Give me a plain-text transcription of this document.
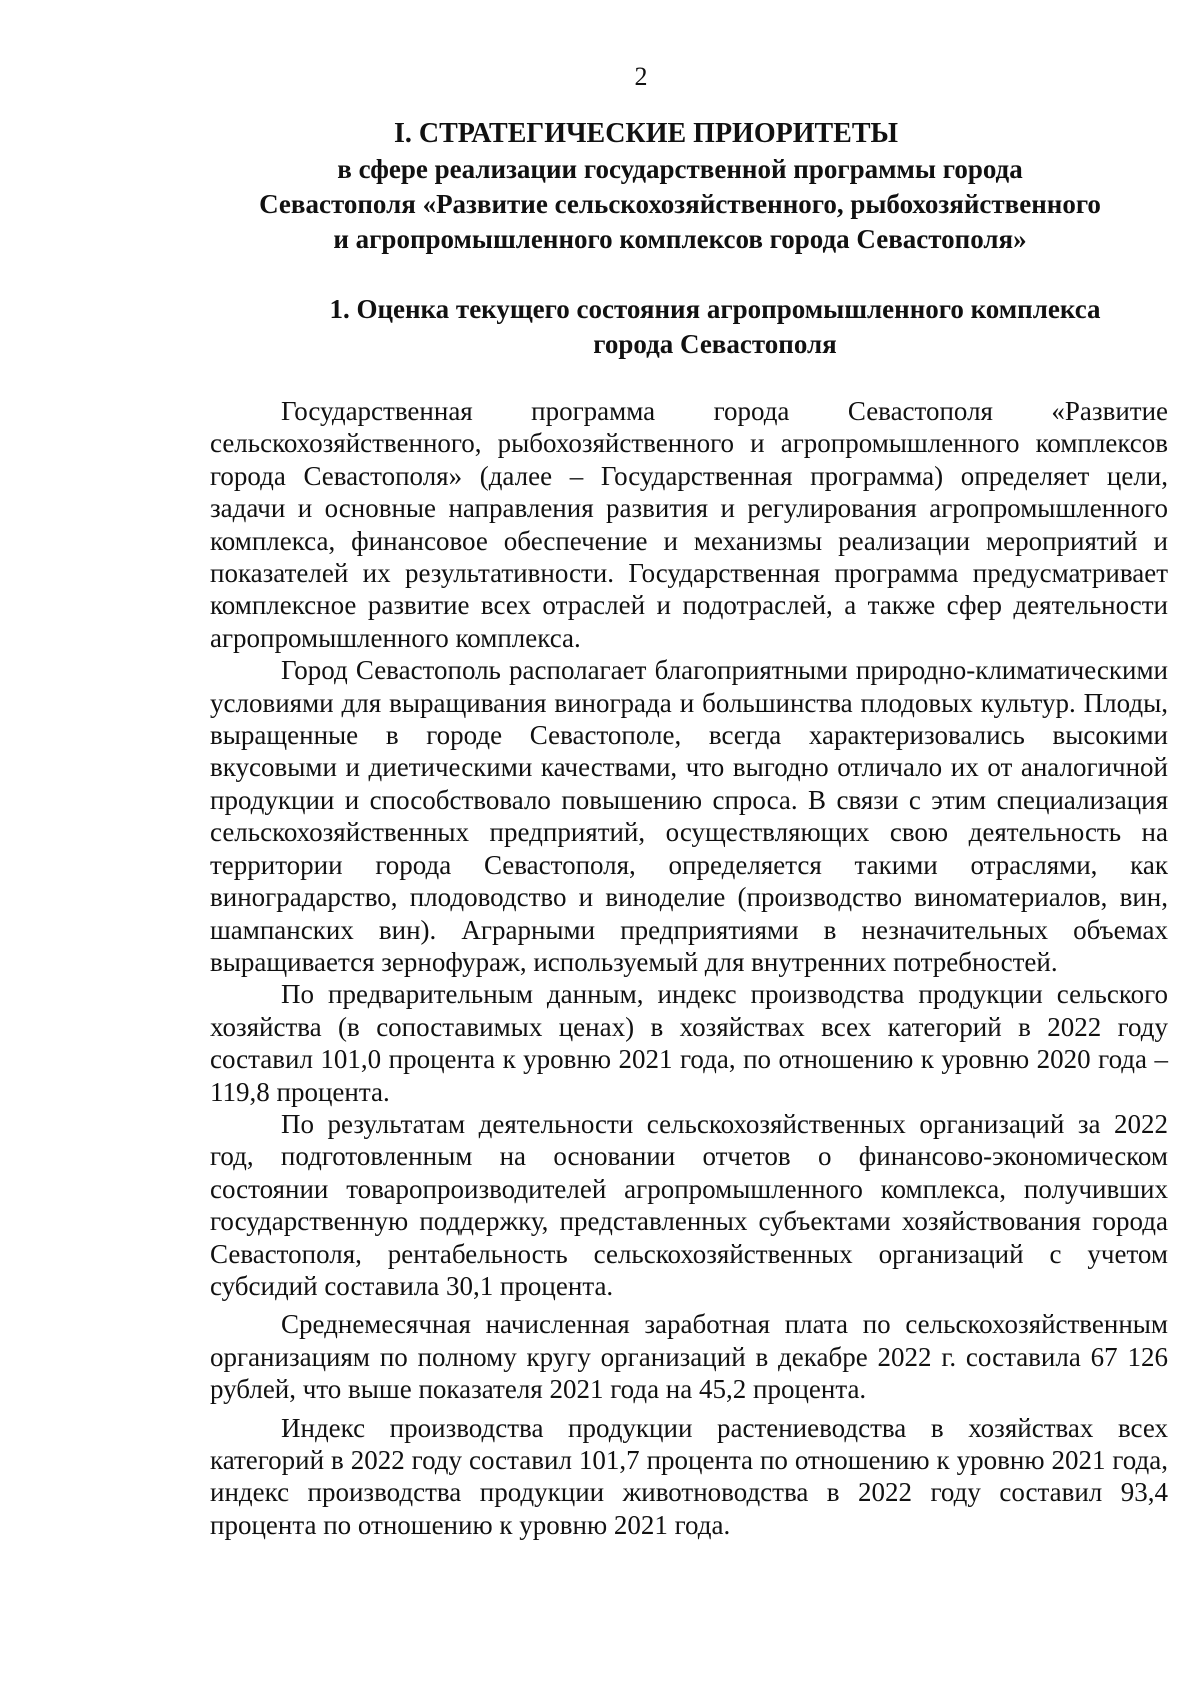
2
I. СТРАТЕГИЧЕСКИЕ ПРИОРИТЕТЫ
в сфере реализации государственной программы города
Севастополя «Развитие сельскохозяйственного, рыбохозяйственного
и агропромышленного комплексов города Севастополя»
1. Оценка текущего состояния агропромышленного комплекса
города Севастополя

Государственная программа города Севастополя «Развитие сельскохозяйственного, рыбохозяйственного и агропромышленного комплексов города Севастополя» (далее – Государственная программа) определяет цели, задачи и основные направления развития и регулирования агропромышленного комплекса, финансовое обеспечение и механизмы реализации мероприятий и показателей их результативности. Государственная программа предусматривает комплексное развитие всех отраслей и подотраслей, а также сфер деятельности агропромышленного комплекса.

Город Севастополь располагает благоприятными природно-климатическими условиями для выращивания винограда и большинства плодовых культур. Плоды, выращенные в городе Севастополе, всегда характеризовались высокими вкусовыми и диетическими качествами, что выгодно отличало их от аналогичной продукции и способствовало повышению спроса. В связи с этим специализация сельскохозяйственных предприятий, осуществляющих свою деятельность на территории города Севастополя, определяется такими отраслями, как виноградарство, плодоводство и виноделие (производство виноматериалов, вин, шампанских вин). Аграрными предприятиями в незначительных объемах выращивается зернофураж, используемый для внутренних потребностей.

По предварительным данным, индекс производства продукции сельского хозяйства (в сопоставимых ценах) в хозяйствах всех категорий в 2022 году составил 101,0 процента к уровню 2021 года, по отношению к уровню 2020 года – 119,8 процента.

По результатам деятельности сельскохозяйственных организаций за 2022 год, подготовленным на основании отчетов о финансово-экономическом состоянии товаропроизводителей агропромышленного комплекса, получивших государственную поддержку, представленных субъектами хозяйствования города Севастополя, рентабельность сельскохозяйственных организаций с учетом субсидий составила 30,1 процента.

Среднемесячная начисленная заработная плата по сельскохозяйственным организациям по полному кругу организаций в декабре 2022 г. составила 67 126 рублей, что выше показателя 2021 года на 45,2 процента.

Индекс производства продукции растениеводства в хозяйствах всех категорий в 2022 году составил 101,7 процента по отношению к уровню 2021 года, индекс производства продукции животноводства в 2022 году составил 93,4 процента по отношению к уровню 2021 года.
